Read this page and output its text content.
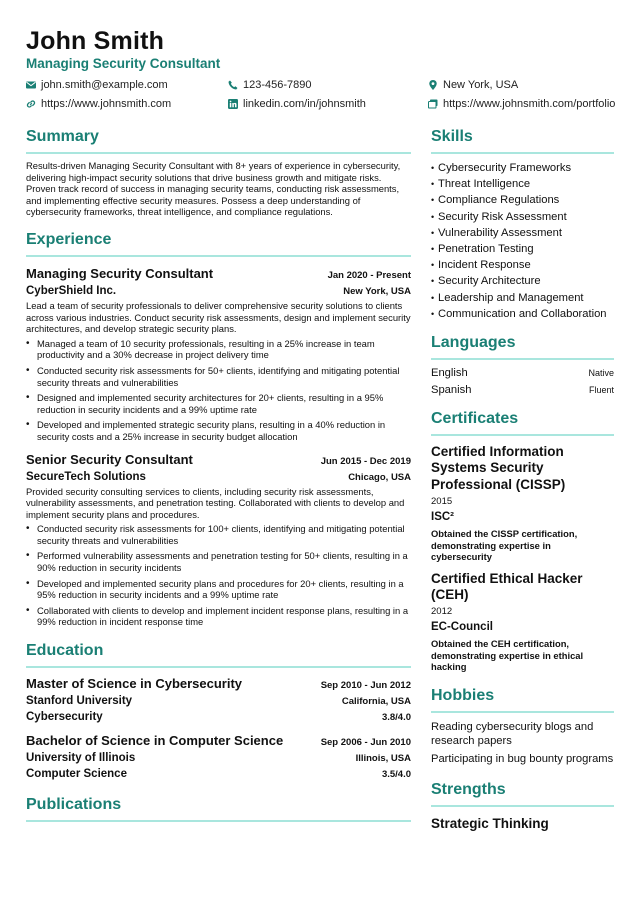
John Smith
Managing Security Consultant
john.smith@example.com	123-456-7890	New York, USA
https://www.johnsmith.com	linkedin.com/in/johnsmith	https://www.johnsmith.com/portfolio
Summary
Results-driven Managing Security Consultant with 8+ years of experience in cybersecurity, delivering high-impact security solutions that drive business growth and mitigate risks. Proven track record of success in managing security teams, conducting risk assessments, and implementing effective security measures. Possess a deep understanding of cybersecurity frameworks, threat intelligence, and compliance regulations.
Experience
Managing Security Consultant	Jan 2020 - Present
CyberShield Inc.	New York, USA
Lead a team of security professionals to deliver comprehensive security solutions to clients across various industries. Conduct security risk assessments, design and implement security architectures, and develop strategic security plans.
• Managed a team of 10 security professionals, resulting in a 25% increase in team productivity and a 30% decrease in project delivery time
• Conducted security risk assessments for 50+ clients, identifying and mitigating potential security threats and vulnerabilities
• Designed and implemented security architectures for 20+ clients, resulting in a 95% reduction in security incidents and a 99% uptime rate
• Developed and implemented strategic security plans, resulting in a 40% reduction in security costs and a 25% increase in security budget allocation
Senior Security Consultant	Jun 2015 - Dec 2019
SecureTech Solutions	Chicago, USA
Provided security consulting services to clients, including security risk assessments, vulnerability assessments, and penetration testing. Collaborated with clients to develop and implement security plans and procedures.
• Conducted security risk assessments for 100+ clients, identifying and mitigating potential security threats and vulnerabilities
• Performed vulnerability assessments and penetration testing for 50+ clients, resulting in a 90% reduction in security incidents
• Developed and implemented security plans and procedures for 20+ clients, resulting in a 95% reduction in security incidents and a 99% uptime rate
• Collaborated with clients to develop and implement incident response plans, resulting in a 99% reduction in incident response time
Education
Master of Science in Cybersecurity	Sep 2010 - Jun 2012
Stanford University	California, USA
Cybersecurity	3.8/4.0
Bachelor of Science in Computer Science	Sep 2006 - Jun 2010
University of Illinois	Illinois, USA
Computer Science	3.5/4.0
Publications
Skills
• Cybersecurity Frameworks
• Threat Intelligence
• Compliance Regulations
• Security Risk Assessment
• Vulnerability Assessment
• Penetration Testing
• Incident Response
• Security Architecture
• Leadership and Management
• Communication and Collaboration
Languages
English	Native
Spanish	Fluent
Certificates
Certified Information Systems Security Professional (CISSP)
2015
ISC²
Obtained the CISSP certification, demonstrating expertise in cybersecurity
Certified Ethical Hacker (CEH)
2012
EC-Council
Obtained the CEH certification, demonstrating expertise in ethical hacking
Hobbies
Reading cybersecurity blogs and research papers
Participating in bug bounty programs
Strengths
Strategic Thinking
